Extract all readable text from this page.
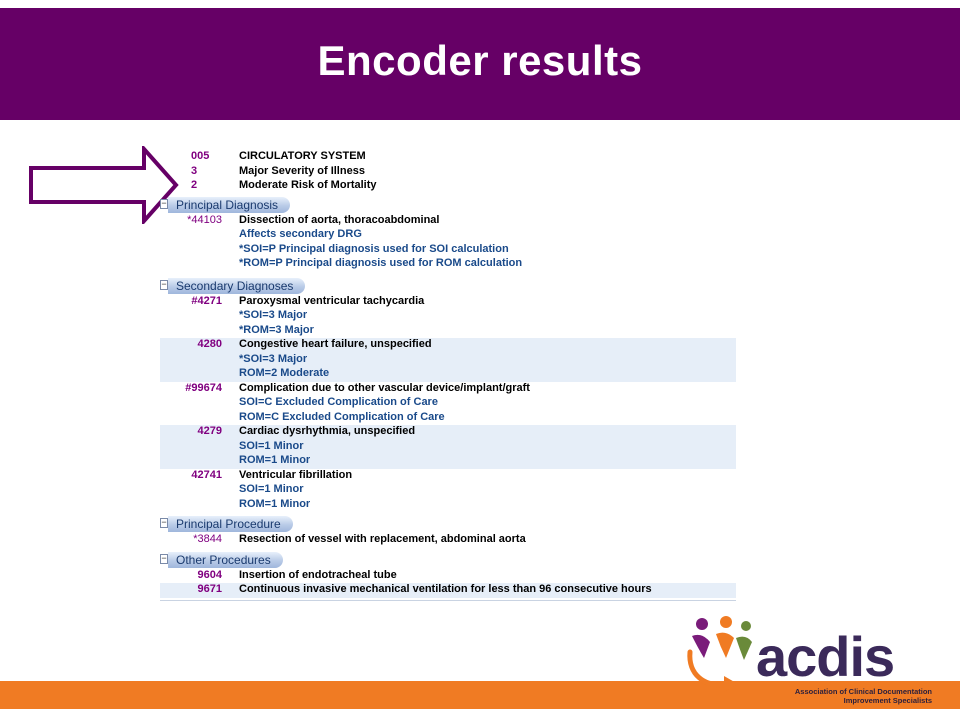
Encoder results
005	CIRCULATORY SYSTEM
3	Major Severity of Illness
2	Moderate Risk of Mortality
− Principal Diagnosis
*44103 Dissection of aorta, thoracoabdominal
Affects secondary DRG
*SOI=P Principal diagnosis used for SOI calculation
*ROM=P Principal diagnosis used for ROM calculation
− Secondary Diagnoses
#4271 Paroxysmal ventricular tachycardia
*SOI=3 Major
*ROM=3 Major
4280 Congestive heart failure, unspecified
*SOI=3 Major
ROM=2 Moderate
#99674 Complication due to other vascular device/implant/graft
SOI=C Excluded Complication of Care
ROM=C Excluded Complication of Care
4279 Cardiac dysrhythmia, unspecified
SOI=1 Minor
ROM=1 Minor
42741 Ventricular fibrillation
SOI=1 Minor
ROM=1 Minor
− Principal Procedure
*3844 Resection of vessel with replacement, abdominal aorta
− Other Procedures
9604 Insertion of endotracheal tube
9671 Continuous invasive mechanical ventilation for less than 96 consecutive hours
acdis
Association of Clinical Documentation
Improvement Specialists
